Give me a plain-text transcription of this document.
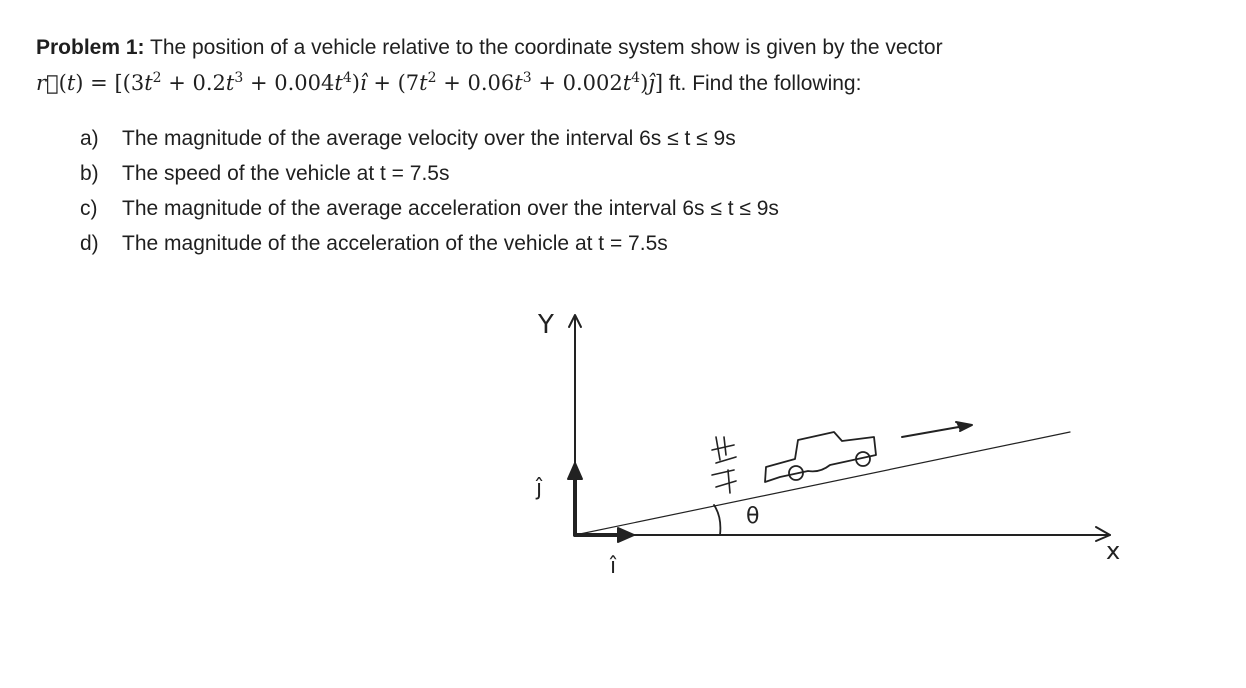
Problem 1: The position of a vehicle relative to the coordinate system show is given by the vector
r⃗(t) = [($3t^2 + 0.2t^3$ + $0.004t^4)î + (7t^2 + 0.06t^3$ + $0.002t^4)ĵ$] ft. Find the following:
a)	The magnitude of the average velocity over the interval 6s ≤ t ≤ 9s
b)	The speed of the vehicle at t = 7.5s
c)	The magnitude of the average acceleration over the interval 6s ≤ t ≤ 9s
d)	The magnitude of the acceleration of the vehicle at t = 7.5s
Y
x
ĵ
î
θ
